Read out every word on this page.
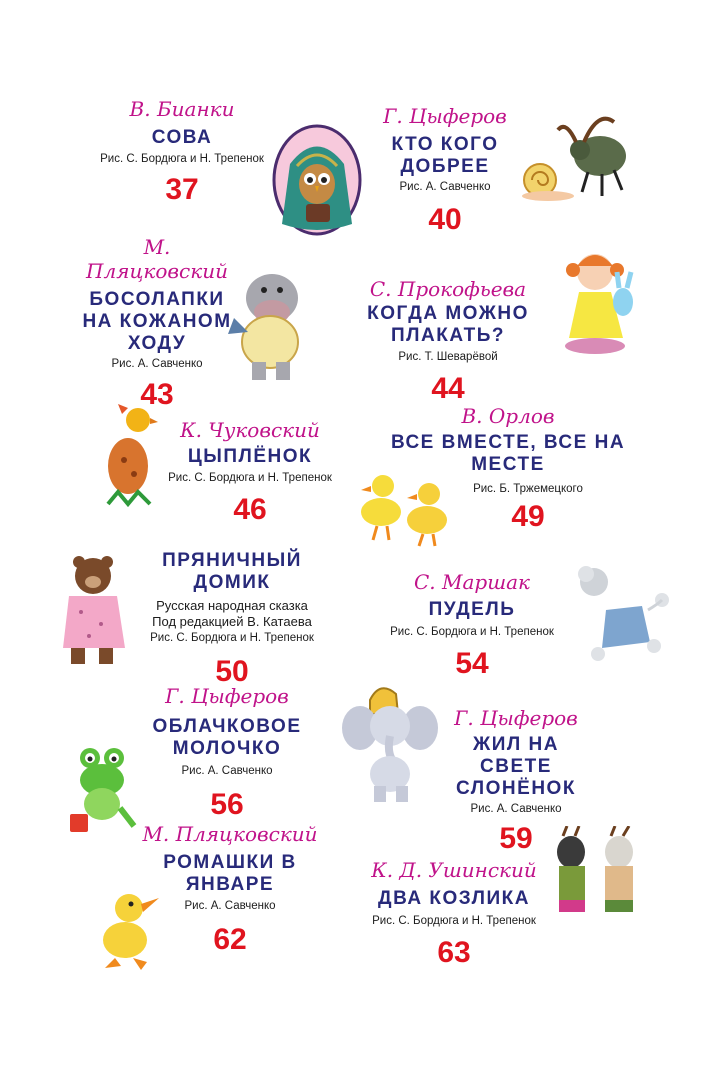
В. Бианки
СОВА
Рис. С. Бордюга и Н. Трепенок
37
Г. Цыферов
КТО КОГО ДОБРЕЕ
Рис. А. Савченко
40
М. Пляцковский
БОСОЛАПКИ
НА КОЖАНОМ
ХОДУ
Рис. А. Савченко
43
С. Прокофьева
КОГДА МОЖНО ПЛАКАТЬ?
Рис. Т. Шеварёвой
44
К. Чуковский
ЦЫПЛЁНОК
Рис. С. Бордюга и Н. Трепенок
46
В. Орлов
ВСЕ ВМЕСТЕ, ВСЕ НА МЕСТЕ
Рис. Б. Тржемецкого
49
ПРЯНИЧНЫЙ ДОМИК
Русская народная сказка
Под редакцией В. Катаева
Рис. С. Бордюга и Н. Трепенок
50
С. Маршак
ПУДЕЛЬ
Рис. С. Бордюга и Н. Трепенок
54
Г. Цыферов
ОБЛАЧКОВОЕ МОЛОЧКО
Рис. А. Савченко
56
Г. Цыферов
ЖИЛ НА СВЕТЕ
СЛОНЁНОК
Рис. А. Савченко
59
М. Пляцковский
РОМАШКИ В ЯНВАРЕ
Рис. А. Савченко
62
К. Д. Ушинский
ДВА КОЗЛИКА
Рис. С. Бордюга и Н. Трепенок
63
